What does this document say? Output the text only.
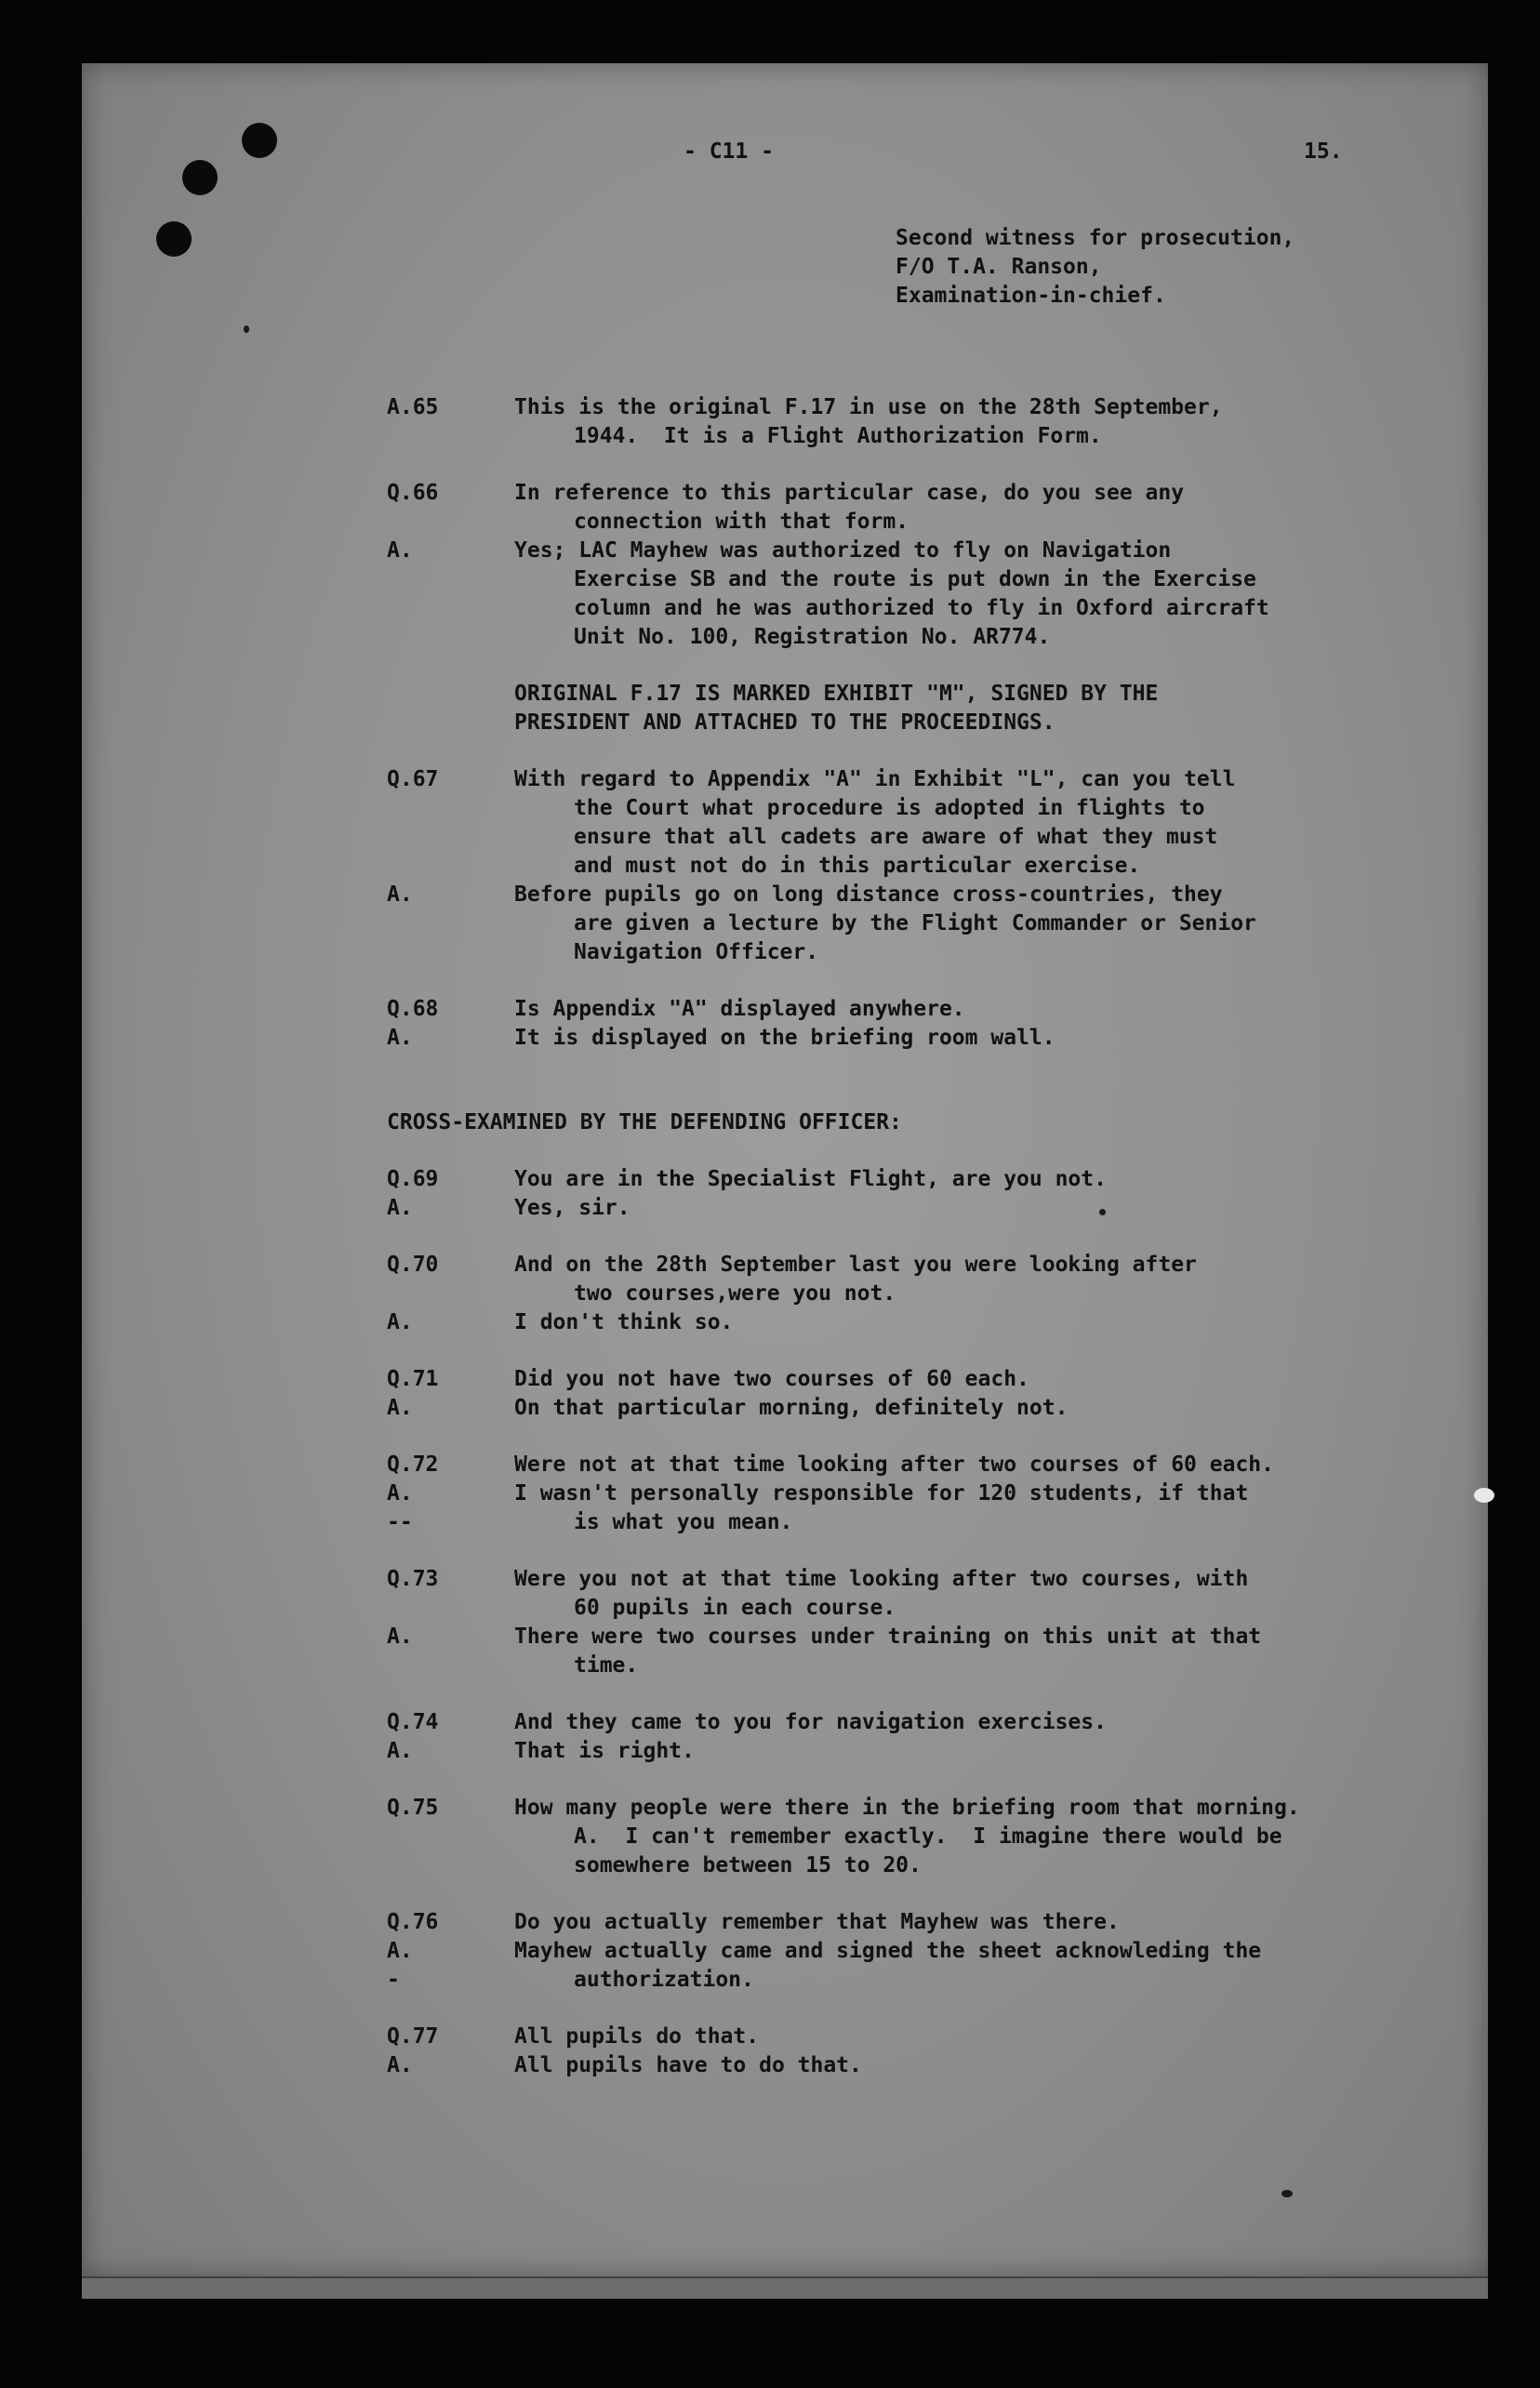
- C11 -	15.
Second witness for prosecution,
F/O T.A. Ranson,
Examination-in-chief.
A.65	This is the original F.17 in use on the 28th September,
1944.  It is a Flight Authorization Form.
Q.66	In reference to this particular case, do you see any
connection with that form.
A.	Yes; LAC Mayhew was authorized to fly on Navigation
Exercise SB and the route is put down in the Exercise
column and he was authorized to fly in Oxford aircraft
Unit No. 100, Registration No. AR774.
ORIGINAL F.17 IS MARKED EXHIBIT "M", SIGNED BY THE
PRESIDENT AND ATTACHED TO THE PROCEEDINGS.
Q.67	With regard to Appendix "A" in Exhibit "L", can you tell
the Court what procedure is adopted in flights to
ensure that all cadets are aware of what they must
and must not do in this particular exercise.
A.	Before pupils go on long distance cross-countries, they
are given a lecture by the Flight Commander or Senior
Navigation Officer.
Q.68	Is Appendix "A" displayed anywhere.
A.	It is displayed on the briefing room wall.
CROSS-EXAMINED BY THE DEFENDING OFFICER:
Q.69	You are in the Specialist Flight, are you not.
A.	Yes, sir.
Q.70	And on the 28th September last you were looking after
two courses,were you not.
A.	I don't think so.
Q.71	Did you not have two courses of 60 each.
A.	On that particular morning, definitely not.
Q.72	Were not at that time looking after two courses of 60 each.
A.	I wasn't personally responsible for 120 students, if that
--	is what you mean.
Q.73	Were you not at that time looking after two courses, with
60 pupils in each course.
A.	There were two courses under training on this unit at that
time.
Q.74	And they came to you for navigation exercises.
A.	That is right.
Q.75	How many people were there in the briefing room that morning.
A.  I can't remember exactly.  I imagine there would be
somewhere between 15 to 20.
Q.76	Do you actually remember that Mayhew was there.
A.	Mayhew actually came and signed the sheet acknowleding the
-	authorization.
Q.77	All pupils do that.
A.	All pupils have to do that.
